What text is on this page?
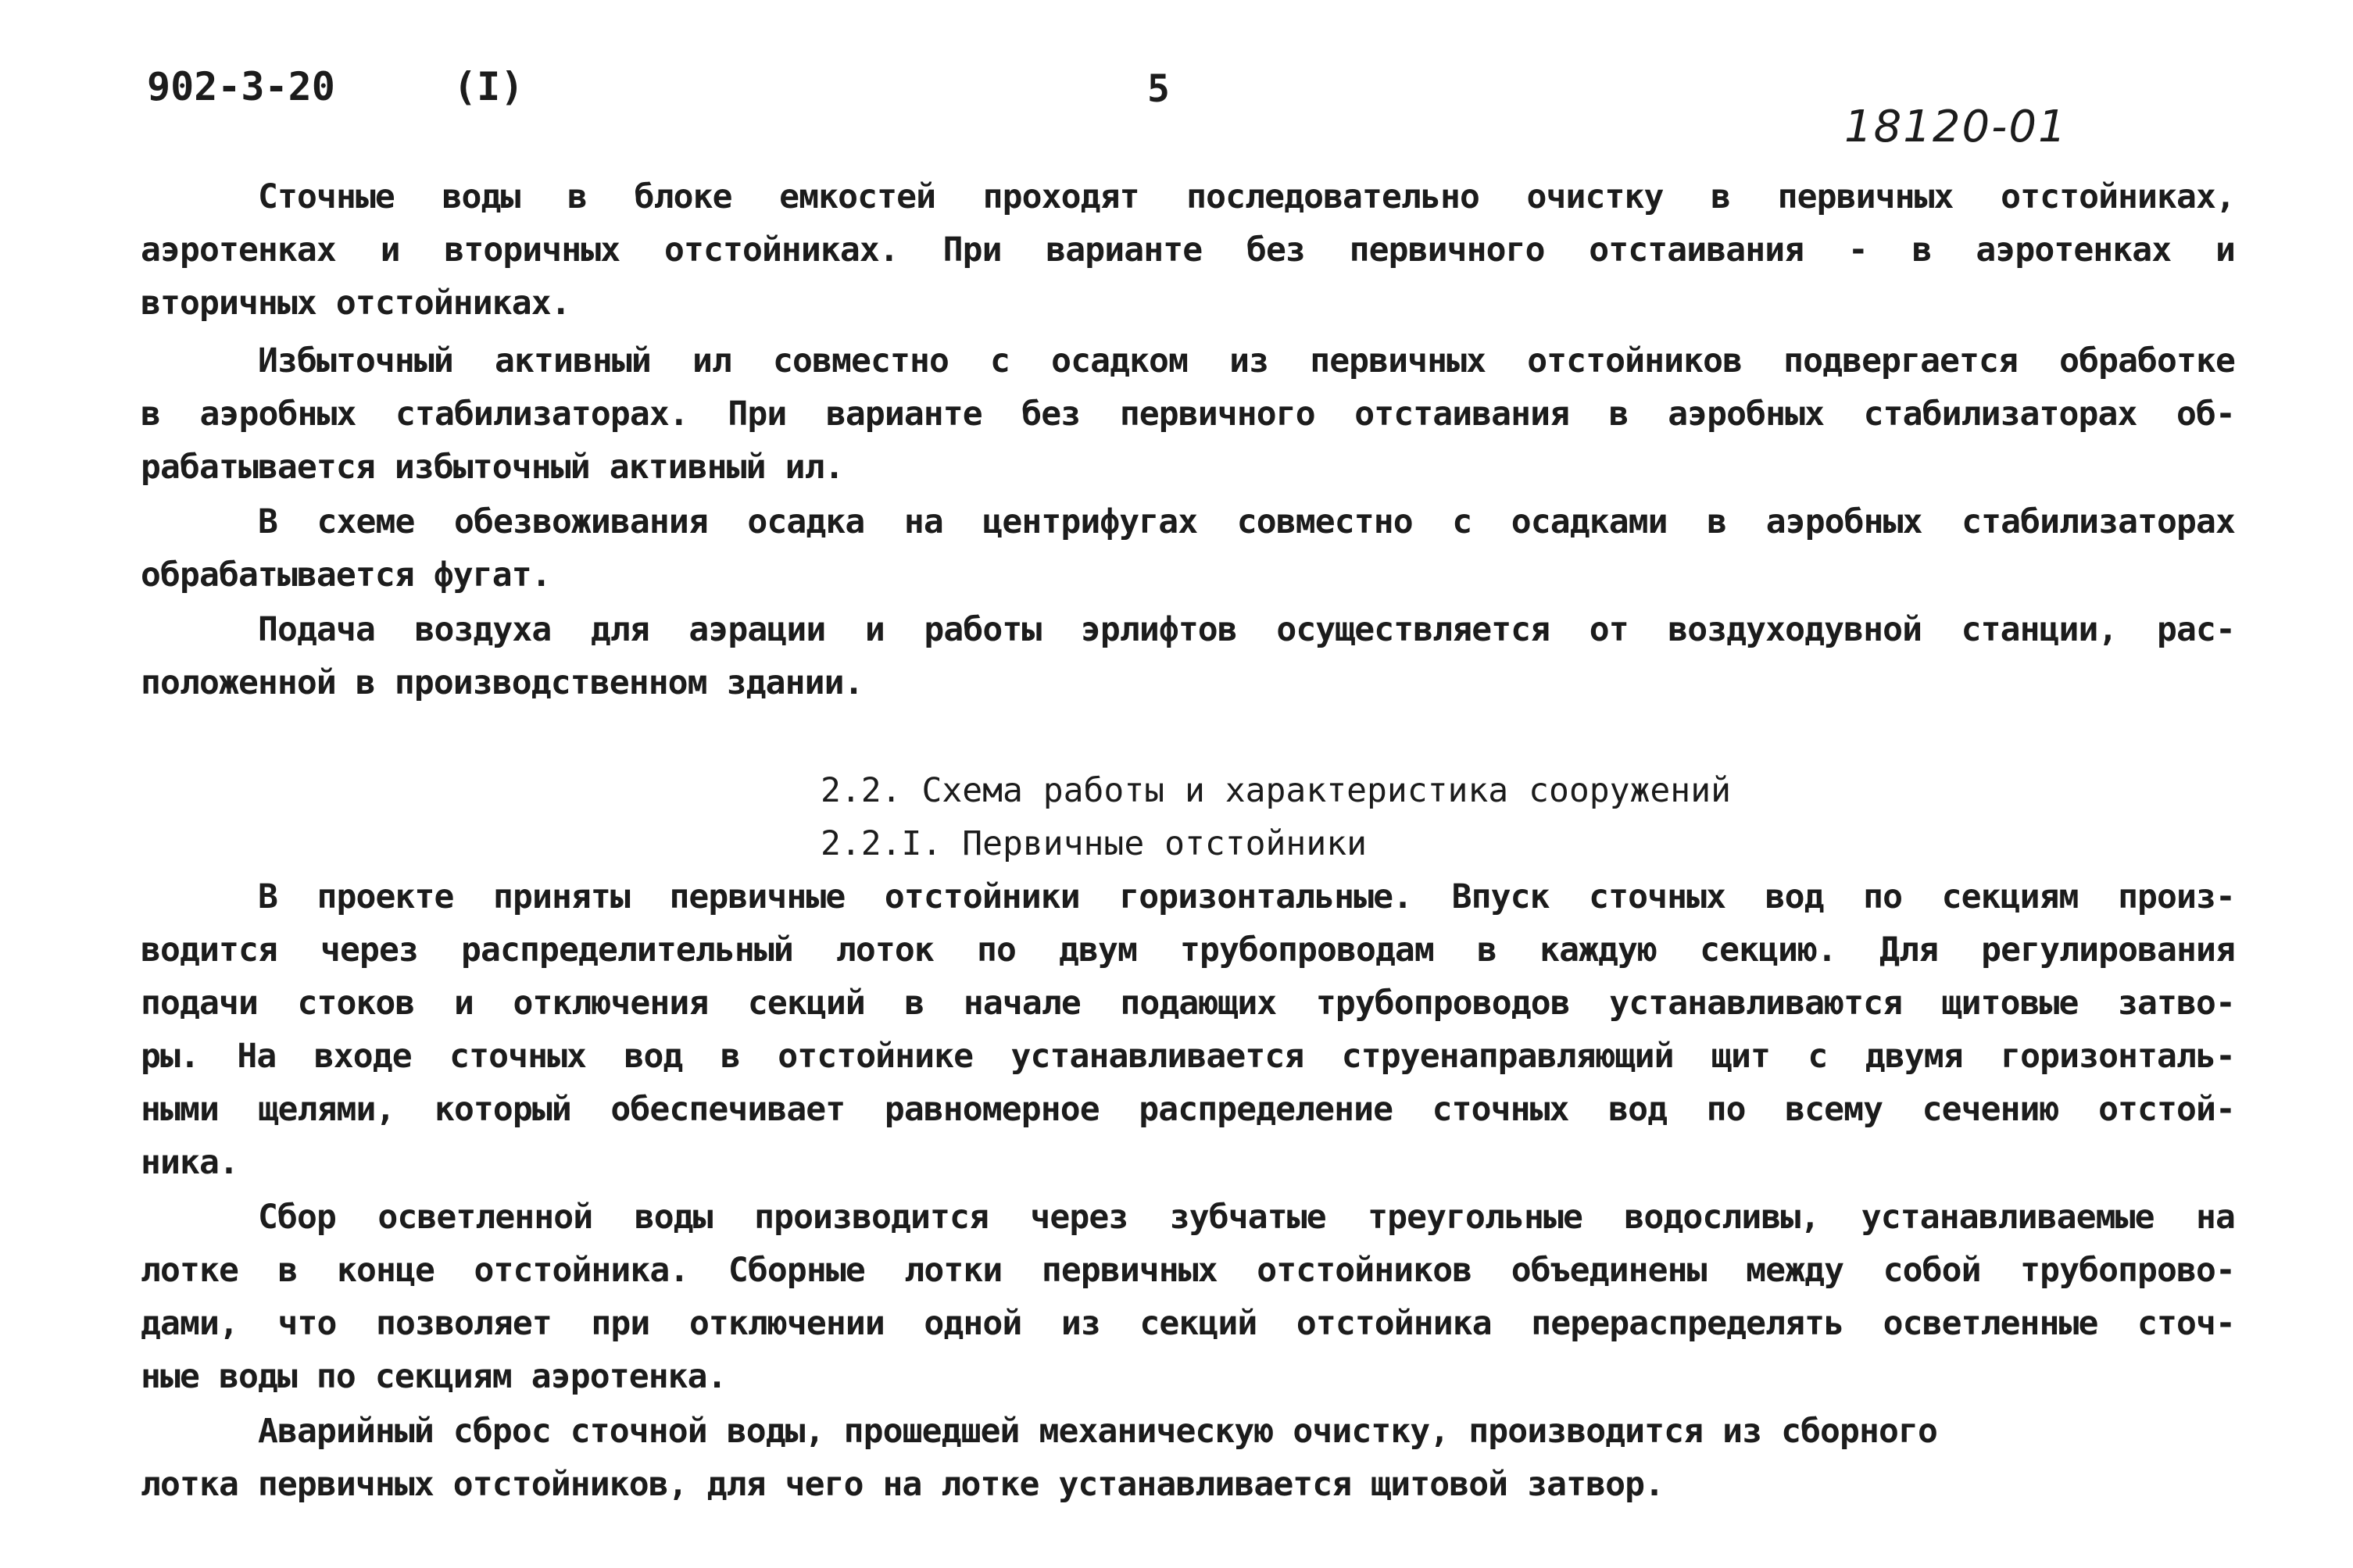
902-3-20	(I)	5
18120-01
Сточные воды в блоке емкостей проходят последовательно очистку в первичных отстойниках,
аэротенках и вторичных отстойниках. При варианте без первичного отстаивания - в аэротенках и
вторичных отстойниках.
Избыточный активный ил совместно с осадком из первичных отстойников подвергается обработке
в аэробных стабилизаторах. При варианте без первичного отстаивания в аэробных стабилизаторах об-
рабатывается избыточный активный ил.
В схеме обезвоживания осадка на центрифугах совместно с осадками в аэробных стабилизаторах
обрабатывается фугат.
Подача воздуха для аэрации и работы эрлифтов осуществляется от воздуходувной станции, рас-
положенной в производственном здании.
2.2. Схема работы и характеристика сооружений
2.2.I. Первичные отстойники
В проекте приняты первичные отстойники горизонтальные. Впуск сточных вод по секциям произ-
водится через распределительный лоток по двум трубопроводам в каждую секцию. Для регулирования
подачи стоков и отключения секций в начале подающих трубопроводов устанавливаются щитовые затво-
ры. На входе сточных вод в отстойнике устанавливается струенаправляющий щит с двумя горизонталь-
ными щелями, который обеспечивает равномерное распределение сточных вод по всему сечению отстой-
ника.
Сбор осветленной воды производится через зубчатые треугольные водосливы, устанавливаемые на
лотке в конце отстойника. Сборные лотки первичных отстойников объединены между собой трубопрово-
дами, что позволяет при отключении одной из секций отстойника перераспределять осветленные сточ-
ные воды по секциям аэротенка.
Аварийный сброс сточной воды, прошедшей механическую очистку, производится из сборного
лотка первичных отстойников, для чего на лотке устанавливается щитовой затвор.
